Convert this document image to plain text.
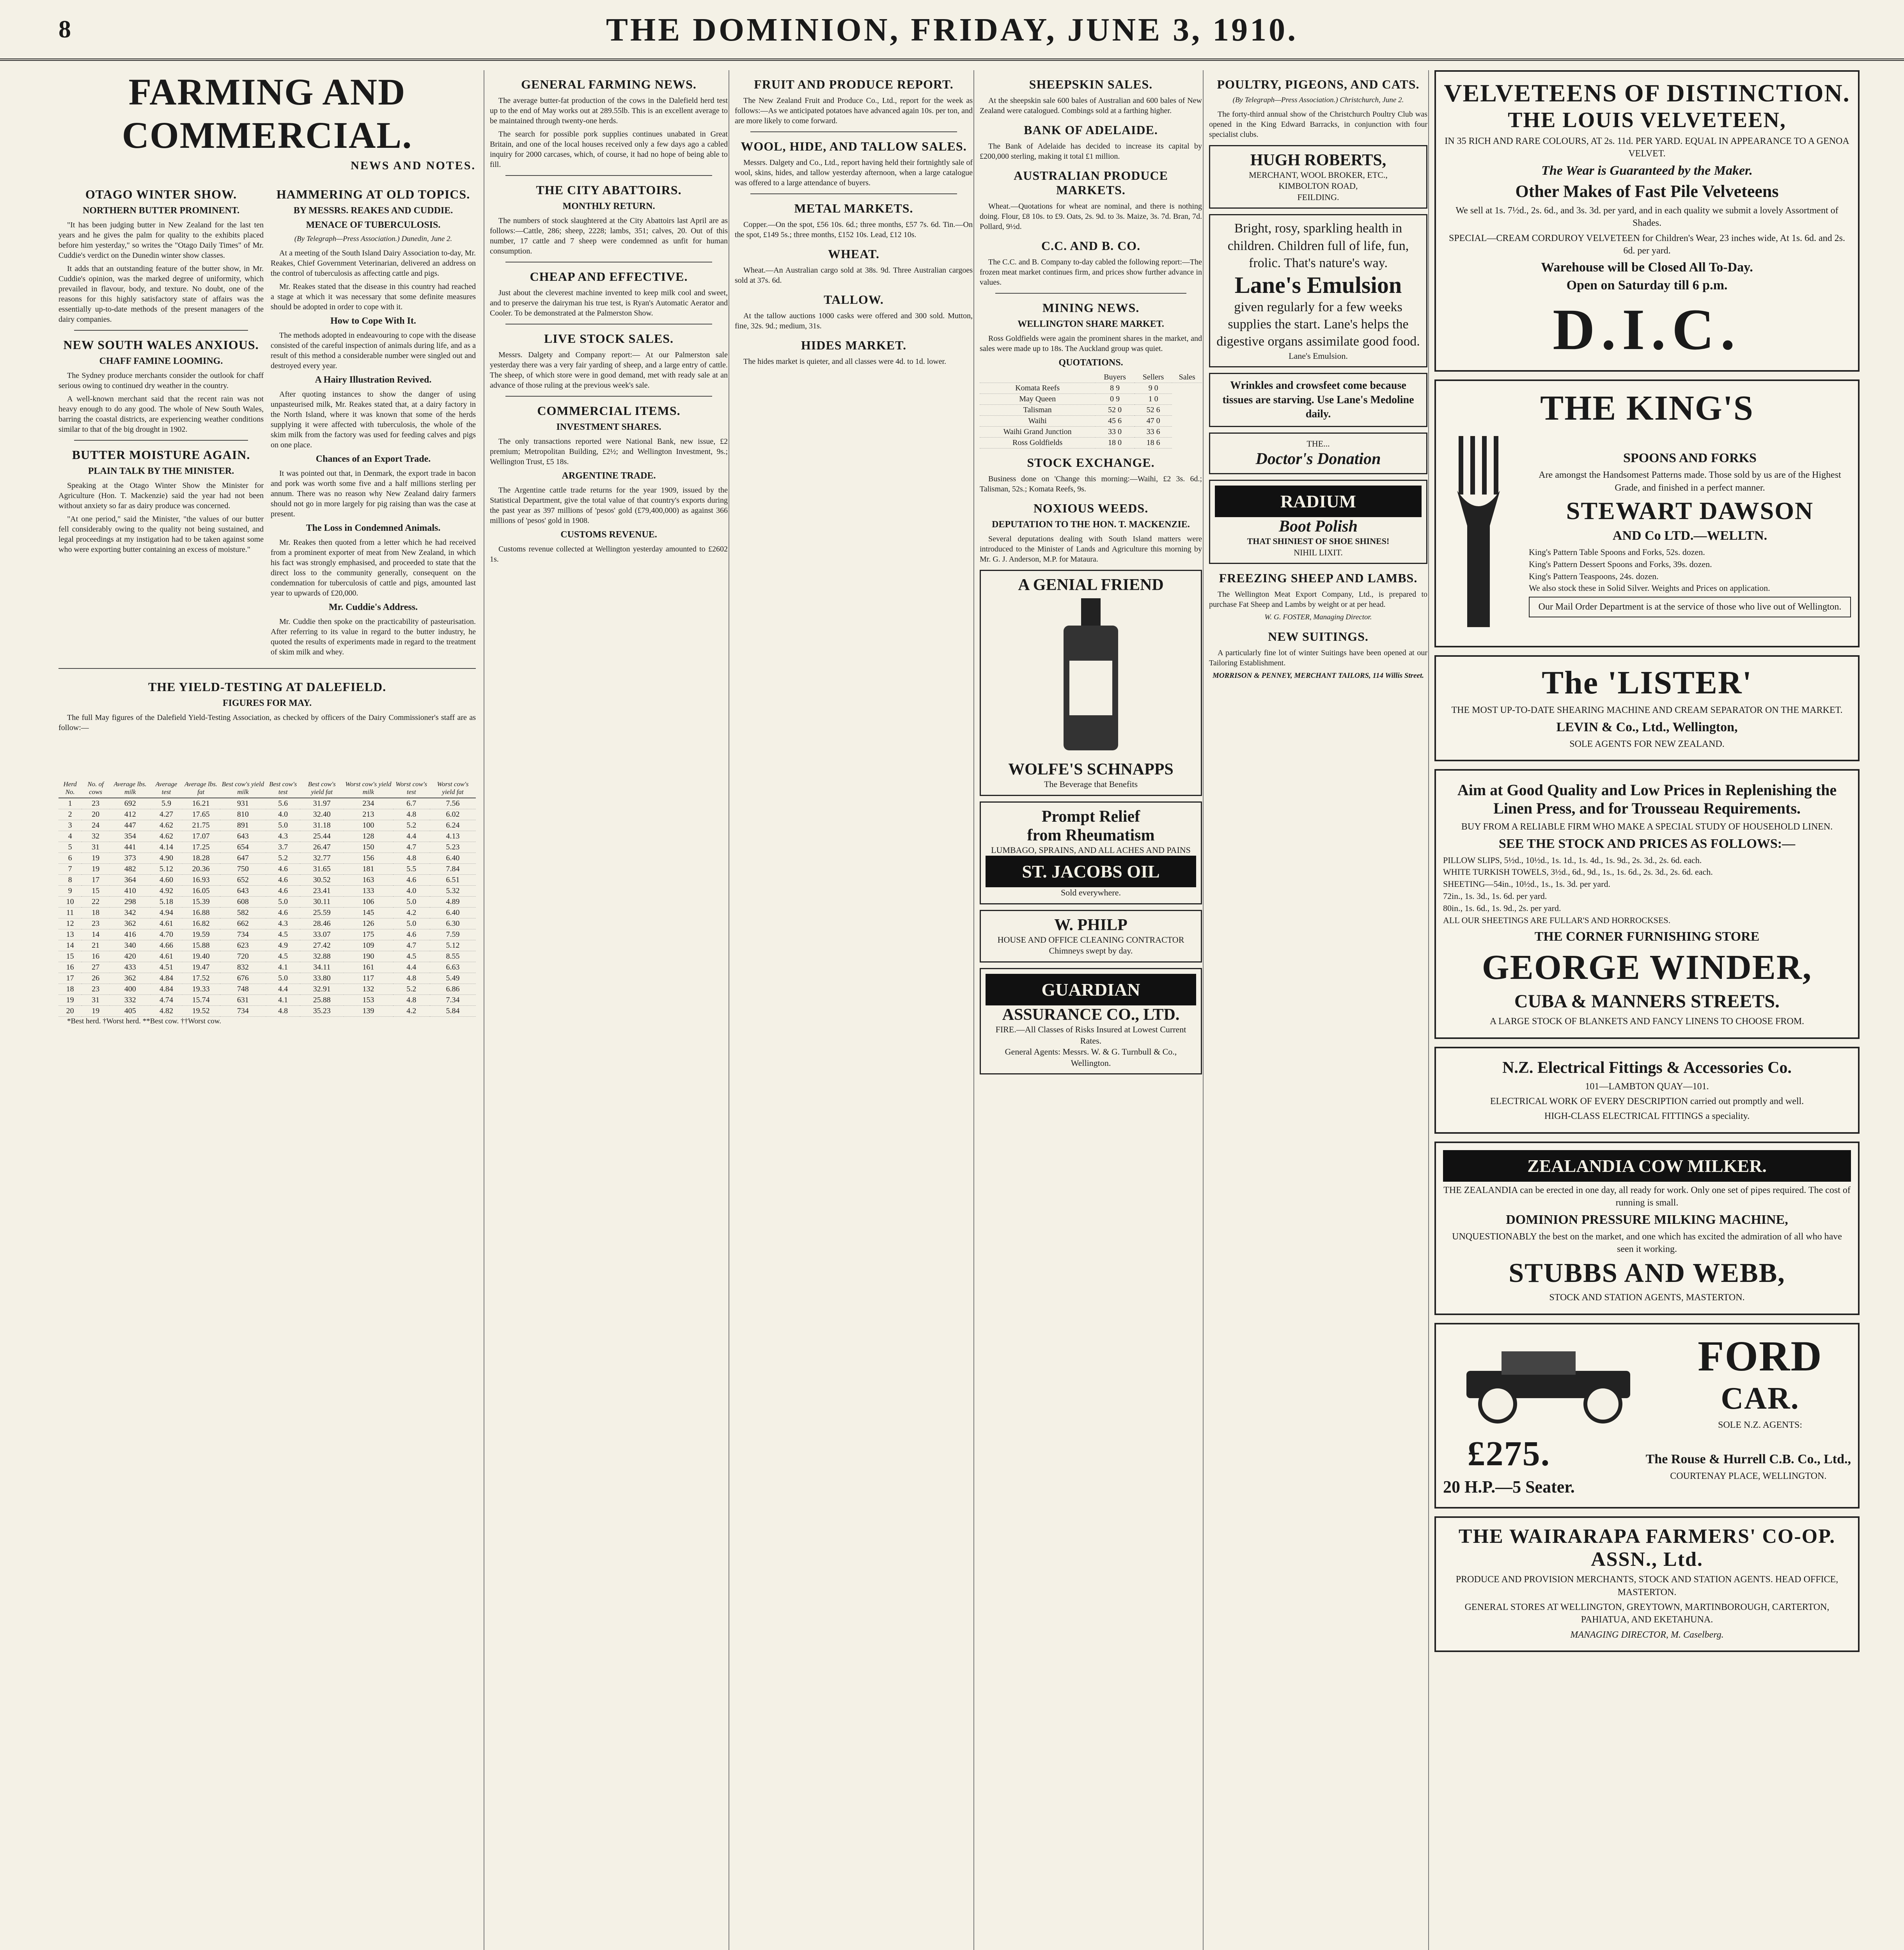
8	THE DOMINION, FRIDAY, JUNE 3, 1910.
FARMING AND COMMERCIAL.
NEWS AND NOTES.
OTAGO WINTER SHOW.
NORTHERN BUTTER PROMINENT.

"It has been judging butter in New Zealand for the last ten years and he gives the palm for quality to the exhibits placed before him yesterday," so writes the "Otago Daily Times" of Mr. Cuddie's verdict on the Dunedin winter show classes.

It adds that an outstanding feature of the butter show, in Mr. Cuddie's opinion, was the marked degree of uniformity, which prevailed in flavour, body, and texture. No doubt, one of the reasons for this highly satisfactory state of affairs was the essentially up-to-date methods of the present managers of the dairy companies.

NEW SOUTH WALES ANXIOUS.
CHAFF FAMINE LOOMING.

The Sydney produce merchants consider the outlook for chaff serious owing to continued dry weather in the country.

A well-known merchant said that the recent rain was not heavy enough to do any good. The whole of New South Wales, barring the coastal districts, are experiencing weather conditions similar to that of the big drought in 1902.

BUTTER MOISTURE AGAIN.
PLAIN TALK BY THE MINISTER.

Speaking at the Otago Winter Show the Minister for Agriculture (Hon. T. Mackenzie) said the year had not been without anxiety so far as dairy produce was concerned.

"At one period," said the Minister, "the values of our butter fell considerably owing to the quality not being sustained, and legal proceedings at my instigation had to be taken against some who were exporting butter containing an excess of moisture."

HAMMERING AT OLD TOPICS.
BY MESSRS. REAKES AND CUDDIE.
MENACE OF TUBERCULOSIS.

(By Telegraph—Press Association.) Dunedin, June 2.

At a meeting of the South Island Dairy Association to-day, Mr. Reakes, Chief Government Veterinarian, delivered an address on the control of tuberculosis as affecting cattle and pigs.

Mr. Reakes stated that the disease in this country had reached a stage at which it was necessary that some definite measures should be adopted in order to cope with it.

How to Cope With It.

The methods adopted in endeavouring to cope with the disease consisted of the careful inspection of animals during life, and as a result of this method a considerable number were singled out and destroyed every year.

A Hairy Illustration Revived.

After quoting instances to show the danger of using unpasteurised milk, Mr. Reakes stated that, at a dairy factory in the North Island, where it was known that some of the herds supplying it were affected with tuberculosis, the whole of the skim milk from the factory was used for feeding calves and pigs on one place.

Chances of an Export Trade.

It was pointed out that, in Denmark, the export trade in bacon and pork was worth some five and a half millions sterling per annum. There was no reason why New Zealand dairy farmers should not go in more largely for pig raising than was the case at present.

The Loss in Condemned Animals.

Mr. Reakes then quoted from a letter which he had received from a prominent exporter of meat from New Zealand, in which his fact was strongly emphasised, and proceeded to state that the direct loss to the community generally, consequent on the condemnation for tuberculosis of cattle and pigs, amounted last year to upwards of £20,000.

Mr. Cuddie's Address.

Mr. Cuddie then spoke on the practicability of pasteurisation. After referring to its value in regard to the butter industry, he quoted the results of experiments made in regard to the treatment of skim milk and whey.

THE YIELD-TESTING AT DALEFIELD.
FIGURES FOR MAY.

The full May figures of the Dalefield Yield-Testing Association, as checked by officers of the Dairy Commissioner's staff are as follow:—

Herd No.	No. of cows	Average lbs. milk	Average test	Average lbs. fat	Best cow's yield milk	Best cow's test	Best cow's yield fat	Worst cow's yield milk	Worst cow's test	Worst cow's yield fat
1	23	692	5.9	16.21	931	5.6	31.97	234	6.7	7.56
2	20	412	4.27	17.65	810	4.0	32.40	213	4.8	6.02
3	24	447	4.62	21.75	891	5.0	31.18	100	5.2	6.24
4	32	354	4.62	17.07	643	4.3	25.44	128	4.4	4.13
5	31	441	4.14	17.25	654	3.7	26.47	150	4.7	5.23
6	19	373	4.90	18.28	647	5.2	32.77	156	4.8	6.40
7	19	482	5.12	20.36	750	4.6	31.65	181	5.5	7.84
8	17	364	4.60	16.93	652	4.6	30.52	163	4.6	6.51
9	15	410	4.92	16.05	643	4.6	23.41	133	4.0	5.32
10	22	298	5.18	15.39	608	5.0	30.11	106	5.0	4.89
11	18	342	4.94	16.88	582	4.6	25.59	145	4.2	6.40
12	23	362	4.61	16.82	662	4.3	28.46	126	5.0	6.30
13	14	416	4.70	19.59	734	4.5	33.07	175	4.6	7.59
14	21	340	4.66	15.88	623	4.9	27.42	109	4.7	5.12
15	16	420	4.61	19.40	720	4.5	32.88	190	4.5	8.55
16	27	433	4.51	19.47	832	4.1	34.11	161	4.4	6.63
17	26	362	4.84	17.52	676	5.0	33.80	117	4.8	5.49
18	23	400	4.84	19.33	748	4.4	32.91	132	5.2	6.86
19	31	332	4.74	15.74	631	4.1	25.88	153	4.8	7.34
20	19	405	4.82	19.52	734	4.8	35.23	139	4.2	5.84

*Best herd. †Worst herd. **Best cow. ††Worst cow.

GENERAL FARMING NEWS.

The average butter-fat production of the cows in the Dalefield herd test up to the end of May works out at 289.55lb. This is an excellent average to be maintained through twenty-one herds.

The search for possible pork supplies continues unabated in Great Britain, and one of the local houses received only a few days ago a cabled inquiry for 2000 carcases, which, of course, it had no hope of being able to fill.

THE CITY ABATTOIRS.
MONTHLY RETURN.

The numbers of stock slaughtered at the City Abattoirs last April are as follows:—Cattle, 286; sheep, 2228; lambs, 351; calves, 20. Out of this number, 17 cattle and 7 sheep were condemned as unfit for human consumption.

CHEAP AND EFFECTIVE.

Just about the cleverest machine invented to keep milk cool and sweet, and to preserve the dairyman his true test, is Ryan's Automatic Aerator and Cooler. To be demonstrated at the Palmerston Show.

LIVE STOCK SALES.

Messrs. Dalgety and Company report:— At our Palmerston sale yesterday there was a very fair yarding of sheep, and a large entry of cattle. The sheep, of which store were in good demand, met with ready sale at an advance of those ruling at the previous week's sale.

COMMERCIAL ITEMS.
INVESTMENT SHARES.

The only transactions reported were National Bank, new issue, £2 premium; Metropolitan Building, £2½; and Wellington Investment, 9s.; Wellington Trust, £5 18s.

ARGENTINE TRADE.

The Argentine cattle trade returns for the year 1909, issued by the Statistical Department, give the total value of that country's exports during the past year as 397 millions of 'pesos' gold (£79,400,000) as against 366 millions of 'pesos' gold in 1908.

CUSTOMS REVENUE.

Customs revenue collected at Wellington yesterday amounted to £2602 1s.

FRUIT AND PRODUCE REPORT.

The New Zealand Fruit and Produce Co., Ltd., report for the week as follows:—As we anticipated potatoes have advanced again 10s. per ton, and are more likely to come forward.

WOOL, HIDE, AND TALLOW SALES.

Messrs. Dalgety and Co., Ltd., report having held their fortnightly sale of wool, skins, hides, and tallow yesterday afternoon, when a large catalogue was offered to a large attendance of buyers.

METAL MARKETS.

Copper.—On the spot, £56 10s. 6d.; three months, £57 7s. 6d. Tin.—On the spot, £149 5s.; three months, £152 10s. Lead, £12 10s.

WHEAT.

Wheat.—An Australian cargo sold at 38s. 9d. Three Australian cargoes sold at 37s. 6d.

TALLOW.

At the tallow auctions 1000 casks were offered and 300 sold. Mutton, fine, 32s. 9d.; medium, 31s.

HIDES MARKET.

The hides market is quieter, and all classes were 4d. to 1d. lower.

SHEEPSKIN SALES.

At the sheepskin sale 600 bales of Australian and 600 bales of New Zealand were catalogued. Combings sold at a farthing higher.

BANK OF ADELAIDE.

The Bank of Adelaide has decided to increase its capital by £200,000 sterling, making it total £1 million.

AUSTRALIAN PRODUCE MARKETS.

Wheat.—Quotations for wheat are nominal, and there is nothing doing. Flour, £8 10s. to £9. Oats, 2s. 9d. to 3s. Maize, 3s. 7d. Bran, 7d. Pollard, 9½d.

C.C. AND B. CO.

The C.C. and B. Company to-day cabled the following report:—The frozen meat market continues firm, and prices show further advance in values.

MINING NEWS.
WELLINGTON SHARE MARKET.

Ross Goldfields were again the prominent shares in the market, and sales were made up to 18s. The Auckland group was quiet.

QUOTATIONS.
	Buyers	Sellers	Sales
Komata Reefs	8 9	9 0	
May Queen	0 9	1 0	
Talisman	52 0	52 6	
Waihi	45 6	47 0	
Waihi Grand Junction	33 0	33 6	
Ross Goldfields	18 0	18 6	
STOCK EXCHANGE.

Business done on 'Change this morning:—Waihi, £2 3s. 6d.; Talisman, 52s.; Komata Reefs, 9s.

NOXIOUS WEEDS.
DEPUTATION TO THE HON. T. MACKENZIE.

Several deputations dealing with South Island matters were introduced to the Minister of Lands and Agriculture this morning by Mr. G. J. Anderson, M.P. for Mataura.

A GENIAL FRIEND
WOLFE'S SCHNAPPS
The Beverage that Benefits
Prompt Relief
from Rheumatism
LUMBAGO, SPRAINS, AND ALL ACHES AND PAINS
ST. JACOBS OIL
Sold everywhere.
W. PHILP
HOUSE AND OFFICE CLEANING CONTRACTOR
Chimneys swept by day.
GUARDIAN
ASSURANCE CO., LTD.
FIRE.—All Classes of Risks Insured at Lowest Current Rates.
General Agents: Messrs. W. & G. Turnbull & Co., Wellington.
POULTRY, PIGEONS, AND CATS.

(By Telegraph—Press Association.) Christchurch, June 2.

The forty-third annual show of the Christchurch Poultry Club was opened in the King Edward Barracks, in conjunction with four specialist clubs.

HUGH ROBERTS,
MERCHANT, WOOL BROKER, ETC.,
KIMBOLTON ROAD,
FEILDING.
Bright, rosy, sparkling health in children. Children full of life, fun, frolic. That's nature's way.
Lane's Emulsion
given regularly for a few weeks supplies the start. Lane's helps the digestive organs assimilate good food.
Lane's Emulsion.
Wrinkles and crowsfeet come because tissues are starving. Use Lane's Medoline daily.
THE...
Doctor's Donation
RADIUM
Boot Polish
THAT SHINIEST OF SHOE SHINES!
NIHIL LIXIT.
FREEZING SHEEP AND LAMBS.

The Wellington Meat Export Company, Ltd., is prepared to purchase Fat Sheep and Lambs by weight or at per head.

W. G. FOSTER, Managing Director.

NEW SUITINGS.

A particularly fine lot of winter Suitings have been opened at our Tailoring Establishment.

MORRISON & PENNEY, MERCHANT TAILORS, 114 Willis Street.

VELVETEENS OF DISTINCTION.
THE LOUIS VELVETEEN,
IN 35 RICH AND RARE COLOURS, AT 2s. 11d. PER YARD. EQUAL IN APPEARANCE TO A GENOA VELVET.
The Wear is Guaranteed by the Maker.
Other Makes of Fast Pile Velveteens
We sell at 1s. 7½d., 2s. 6d., and 3s. 3d. per yard, and in each quality we submit a lovely Assortment of Shades.
SPECIAL—CREAM CORDUROY VELVETEEN for Children's Wear, 23 inches wide, At 1s. 6d. and 2s. 6d. per yard.
Warehouse will be Closed All To-Day.
Open on Saturday till 6 p.m.
D.I.C.
THE KING'S
SPOONS AND FORKS
Are amongst the Handsomest Patterns made. Those sold by us are of the Highest Grade, and finished in a perfect manner.
STEWART DAWSON
AND Co LTD.—WELLTN.
King's Pattern Table Spoons and Forks, 52s. dozen.
King's Pattern Dessert Spoons and Forks, 39s. dozen.
King's Pattern Teaspoons, 24s. dozen.
We also stock these in Solid Silver. Weights and Prices on application.
Our Mail Order Department is at the service of those who live out of Wellington.
The 'LISTER'
THE MOST UP-TO-DATE SHEARING MACHINE AND CREAM SEPARATOR ON THE MARKET.
LEVIN & Co., Ltd., Wellington,
SOLE AGENTS FOR NEW ZEALAND.
Aim at Good Quality and Low Prices in Replenishing the Linen Press, and for Trousseau Requirements.
BUY FROM A RELIABLE FIRM WHO MAKE A SPECIAL STUDY OF HOUSEHOLD LINEN.
SEE THE STOCK AND PRICES AS FOLLOWS:—
PILLOW SLIPS, 5½d., 10½d., 1s. 1d., 1s. 4d., 1s. 9d., 2s. 3d., 2s. 6d. each.
WHITE TURKISH TOWELS, 3½d., 6d., 9d., 1s., 1s. 6d., 2s. 3d., 2s. 6d. each.
SHEETING—54in., 10½d., 1s., 1s. 3d. per yard.
72in., 1s. 3d., 1s. 6d. per yard.
80in., 1s. 6d., 1s. 9d., 2s. per yard.
ALL OUR SHEETINGS ARE FULLAR'S AND HORROCKSES.
THE CORNER FURNISHING STORE
GEORGE WINDER,
CUBA & MANNERS STREETS.
A LARGE STOCK OF BLANKETS AND FANCY LINENS TO CHOOSE FROM.
N.Z. Electrical Fittings & Accessories Co.
101—LAMBTON QUAY—101.
ELECTRICAL WORK OF EVERY DESCRIPTION carried out promptly and well.
HIGH-CLASS ELECTRICAL FITTINGS a speciality.
ZEALANDIA COW MILKER.
THE ZEALANDIA can be erected in one day, all ready for work. Only one set of pipes required. The cost of running is small.
DOMINION PRESSURE MILKING MACHINE,
UNQUESTIONABLY the best on the market, and one which has excited the admiration of all who have seen it working.
STUBBS AND WEBB,
STOCK AND STATION AGENTS, MASTERTON.
FORD
CAR.
SOLE N.Z. AGENTS:
£275.
20 H.P.—5 Seater.
The Rouse & Hurrell C.B. Co., Ltd.,
COURTENAY PLACE, WELLINGTON.
THE WAIRARAPA FARMERS' CO-OP. ASSN., Ltd.
PRODUCE AND PROVISION MERCHANTS, STOCK AND STATION AGENTS. HEAD OFFICE, MASTERTON.
GENERAL STORES AT WELLINGTON, GREYTOWN, MARTINBOROUGH, CARTERTON, PAHIATUA, AND EKETAHUNA.
MANAGING DIRECTOR, M. Caselberg.
